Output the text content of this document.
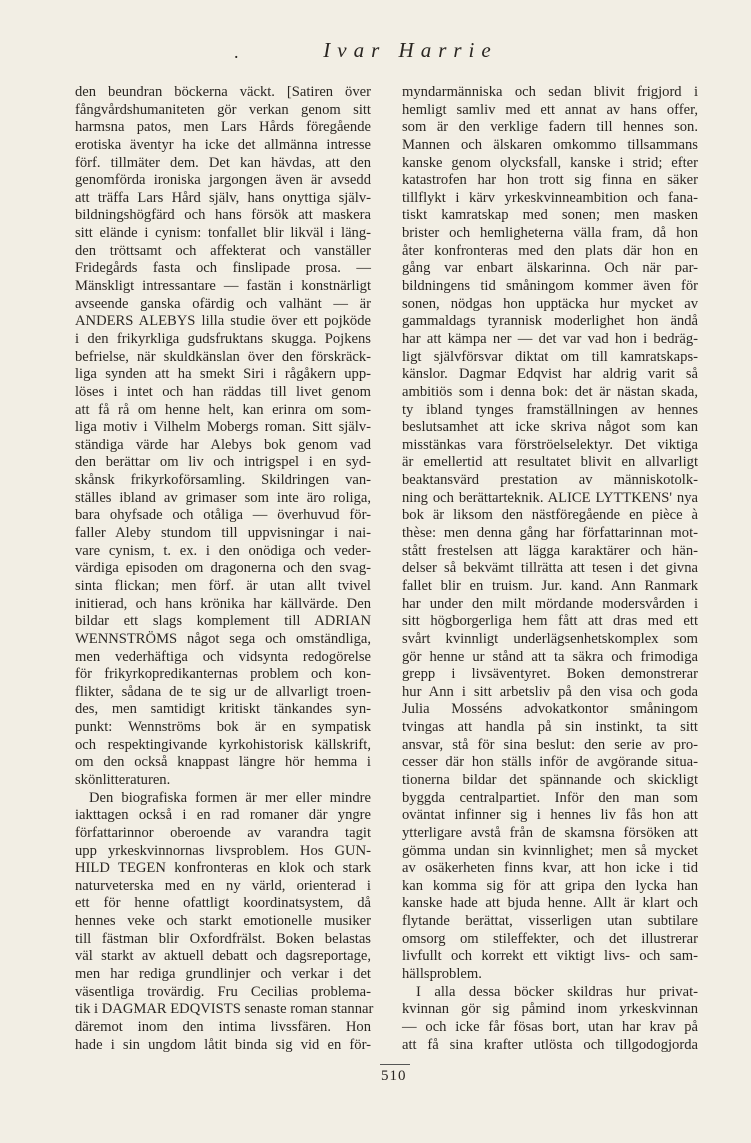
Ivar Harrie
.
den beundran böckerna väckt. [Satiren över
fångvårdshumaniteten gör verkan genom sitt
harmsna patos, men Lars Hårds föregående
erotiska äventyr ha icke det allmänna intresse
förf. tillmäter dem. Det kan hävdas, att den
genomförda ironiska jargongen även är avsedd
att träffa Lars Hård själv, hans onyttiga själv-
bildningshögfärd och hans försök att maskera
sitt elände i cynism: tonfallet blir likväl i läng-
den tröttsamt och affekterat och vanställer
Fridegårds fasta och finslipade prosa. —
Mänskligt intressantare — fastän i konstnärligt
avseende ganska ofärdig och valhänt — är
ANDERS ALEBYS lilla studie över ett pojköde
i den frikyrkliga gudsfruktans skugga. Pojkens
befrielse, när skuldkänslan över den förskräck-
liga synden att ha smekt Siri i rågåkern upp-
löses i intet och han räddas till livet genom
att få rå om henne helt, kan erinra om som-
liga motiv i Vilhelm Mobergs roman. Sitt själv-
ständiga värde har Alebys bok genom vad
den berättar om liv och intrigspel i en syd-
skånsk frikyrkoförsamling. Skildringen van-
ställes ibland av grimaser som inte äro roliga,
bara ohyfsade och otåliga — överhuvud för-
faller Aleby stundom till uppvisningar i nai-
vare cynism, t. ex. i den onödiga och veder-
värdiga episoden om dragonerna och den svag-
sinta flickan; men förf. är utan allt tvivel
initierad, och hans krönika har källvärde. Den
bildar ett slags komplement till ADRIAN
WENNSTRÖMS något sega och omständliga,
men vederhäftiga och vidsynta redogörelse
för frikyrkopredikanternas problem och kon-
flikter, sådana de te sig ur de allvarligt troen-
des, men samtidigt kritiskt tänkandes syn-
punkt: Wennströms bok är en sympatisk
och respektingivande kyrkohistorisk källskrift,
om den också knappast längre hör hemma i
skönlitteraturen.
Den biografiska formen är mer eller mindre
iakttagen också i en rad romaner där yngre
författarinnor oberoende av varandra tagit
upp yrkeskvinnornas livsproblem. Hos GUN-
HILD TEGEN konfronteras en klok och stark
naturveterska med en ny värld, orienterad i
ett för henne ofattligt koordinatsystem, då
hennes veke och starkt emotionelle musiker
till fästman blir Oxfordfrälst. Boken belastas
väl starkt av aktuell debatt och dagsreportage,
men har rediga grundlinjer och verkar i det
väsentliga trovärdig. Fru Cecilias problema-
tik i DAGMAR EDQVISTS senaste roman stannar
däremot inom den intima livssfären. Hon
hade i sin ungdom låtit binda sig vid en för-
myndarmänniska och sedan blivit frigjord i
hemligt samliv med ett annat av hans offer,
som är den verklige fadern till hennes son.
Mannen och älskaren omkommo tillsammans
kanske genom olycksfall, kanske i strid; efter
katastrofen har hon trott sig finna en säker
tillflykt i kärv yrkeskvinneambition och fana-
tiskt kamratskap med sonen; men masken
brister och hemligheterna välla fram, då hon
åter konfronteras med den plats där hon en
gång var enbart älskarinna. Och när par-
bildningens tid småningom kommer även för
sonen, nödgas hon upptäcka hur mycket av
gammaldags tyrannisk moderlighet hon ändå
har att kämpa ner — det var vad hon i bedräg-
ligt självförsvar diktat om till kamratskaps-
känslor. Dagmar Edqvist har aldrig varit så
ambitiös som i denna bok: det är nästan skada,
ty ibland tynges framställningen av hennes
beslutsamhet att icke skriva något som kan
misstänkas vara förströelselektyr. Det viktiga
är emellertid att resultatet blivit en allvarligt
beaktansvärd prestation av människotolk-
ning och berättarteknik. ALICE LYTTKENS' nya
bok är liksom den nästföregående en pièce à
thèse: men denna gång har författarinnan mot-
stått frestelsen att lägga karaktärer och hän-
delser så bekvämt tillrätta att tesen i det givna
fallet blir en truism. Jur. kand. Ann Ranmark
har under den milt mördande modersvården i
sitt högborgerliga hem fått att dras med ett
svårt kvinnligt underlägsenhetskomplex som
gör henne ur stånd att ta säkra och frimodiga
grepp i livsäventyret. Boken demonstrerar
hur Ann i sitt arbetsliv på den visa och goda
Julia Mosséns advokatkontor småningom
tvingas att handla på sin instinkt, ta sitt
ansvar, stå för sina beslut: den serie av pro-
cesser där hon ställs inför de avgörande situa-
tionerna bildar det spännande och skickligt
byggda centralpartiet. Inför den man som
oväntat infinner sig i hennes liv fås hon att
ytterligare avstå från de skamsna försöken att
gömma undan sin kvinnlighet; men så mycket
av osäkerheten finns kvar, att hon icke i tid
kan komma sig för att gripa den lycka han
kanske hade att bjuda henne. Allt är klart och
flytande berättat, visserligen utan subtilare
omsorg om stileffekter, och det illustrerar
livfullt och korrekt ett viktigt livs- och sam-
hällsproblem.
I alla dessa böcker skildras hur privat-
kvinnan gör sig påmind inom yrkeskvinnan
— och icke får fösas bort, utan har krav på
att få sina krafter utlösta och tillgodogjorda
510
